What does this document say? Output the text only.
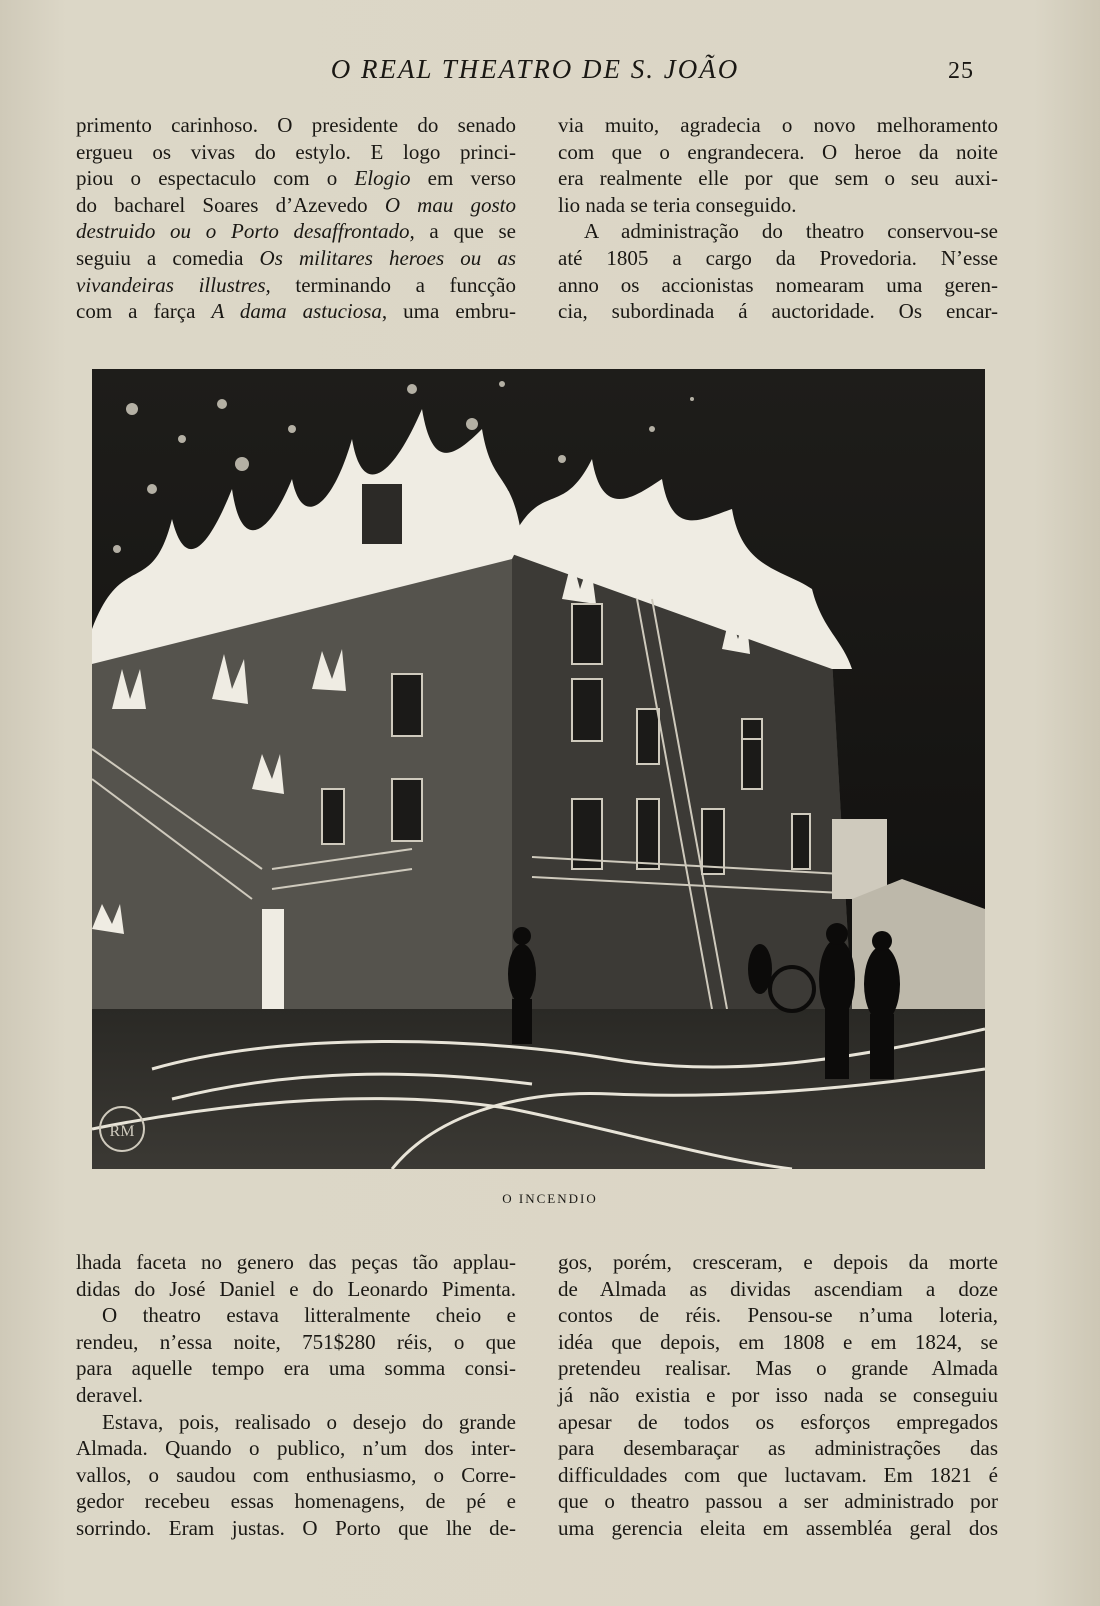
O REAL THEATRO DE S. JOÃO	25

primento carinhoso. O presidente do senado

ergueu os vivas do estylo. E logo princi-

piou o espectaculo com o Elogio em verso

do bacharel Soares d’Azevedo O mau gosto

destruido ou o Porto desaffrontado, a que se

seguiu a comedia Os militares heroes ou as

vivandeiras illustres, terminando a funcção

com a farça A dama astuciosa, uma embru-

via muito, agradecia o novo melhoramento

com que o engrandecera. O heroe da noite

era realmente elle por que sem o seu auxi-

lio nada se teria conseguido.

A administração do theatro conservou-se

até 1805 a cargo da Provedoria. N’esse

anno os accionistas nomearam uma geren-

cia, subordinada á auctoridade. Os encar-

RM
O INCENDIO

lhada faceta no genero das peças tão applau-

didas do José Daniel e do Leonardo Pimenta.

O theatro estava litteralmente cheio e

rendeu, n’essa noite, 751$280 réis, o que

para aquelle tempo era uma somma consi-

deravel.

Estava, pois, realisado o desejo do grande

Almada. Quando o publico, n’um dos inter-

vallos, o saudou com enthusiasmo, o Corre-

gedor recebeu essas homenagens, de pé e

sorrindo. Eram justas. O Porto que lhe de-

gos, porém, cresceram, e depois da morte

de Almada as dividas ascendiam a doze

contos de réis. Pensou-se n’uma loteria,

idéa que depois, em 1808 e em 1824, se

pretendeu realisar. Mas o grande Almada

já não existia e por isso nada se conseguiu

apesar de todos os esforços empregados

para desembaraçar as administrações das

difficuldades com que luctavam. Em 1821 é

que o theatro passou a ser administrado por

uma gerencia eleita em assembléa geral dos
